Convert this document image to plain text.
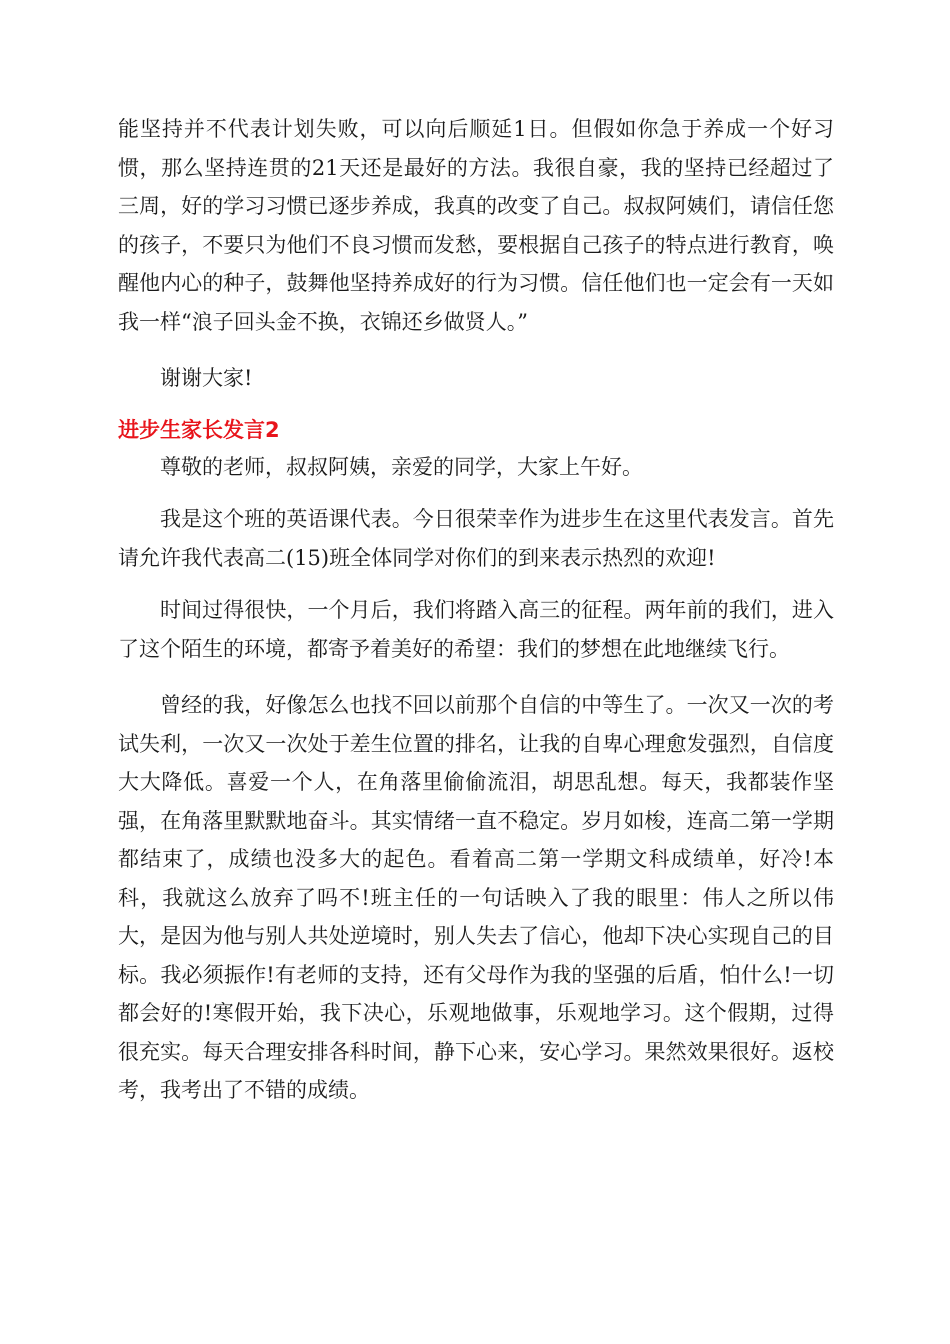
能坚持并不代表计划失败，可以向后顺延1日。但假如你急于养成一个好习惯，那么坚持连贯的21天还是最好的方法。我很自豪，我的坚持已经超过了三周，好的学习习惯已逐步养成，我真的改变了自己。叔叔阿姨们，请信任您的孩子，不要只为他们不良习惯而发愁，要根据自己孩子的特点进行教育，唤醒他内心的种子，鼓舞他坚持养成好的行为习惯。信任他们也一定会有一天如我一样“浪子回头金不换，衣锦还乡做贤人。”

谢谢大家!

进步生家长发言2

尊敬的老师，叔叔阿姨，亲爱的同学，大家上午好。

我是这个班的英语课代表。今日很荣幸作为进步生在这里代表发言。首先请允许我代表高二(15)班全体同学对你们的到来表示热烈的欢迎!

时间过得很快，一个月后，我们将踏入高三的征程。两年前的我们，进入了这个陌生的环境，都寄予着美好的希望：我们的梦想在此地继续飞行。

曾经的我，好像怎么也找不回以前那个自信的中等生了。一次又一次的考试失利，一次又一次处于差生位置的排名，让我的自卑心理愈发强烈，自信度大大降低。喜爱一个人，在角落里偷偷流泪，胡思乱想。每天，我都装作坚强，在角落里默默地奋斗。其实情绪一直不稳定。岁月如梭，连高二第一学期都结束了，成绩也没多大的起色。看着高二第一学期文科成绩单，好冷!本科，我就这么放弃了吗不!班主任的一句话映入了我的眼里：伟人之所以伟大，是因为他与别人共处逆境时，别人失去了信心，他却下决心实现自己的目标。我必须振作!有老师的支持，还有父母作为我的坚强的后盾，怕什么!一切都会好的!寒假开始，我下决心，乐观地做事，乐观地学习。这个假期，过得很充实。每天合理安排各科时间，静下心来，安心学习。果然效果很好。返校考，我考出了不错的成绩。
